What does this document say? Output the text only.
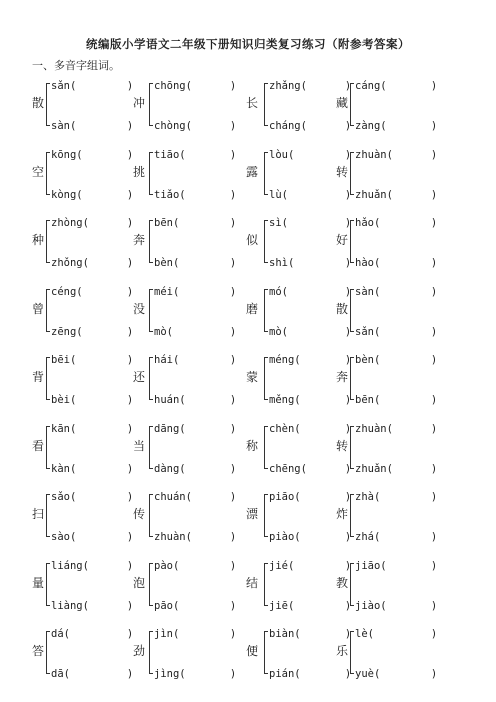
统编版小学语文二年级下册知识归类复习练习（附参考答案）
一、多音字组词。
散
sǎn(        )
sàn(        )
冲
chōng(      )
chòng(      )
长
zhǎng(      )
cháng(      )
藏
cáng(       )
zàng(       )
空
kōng(       )
kòng(       )
挑
tiāo(       )
tiǎo(       )
露
lòu(        )
lù(         )
转
zhuàn(      )
zhuǎn(      )
种
zhòng(      )
zhǒng(      )
奔
bēn(        )
bèn(        )
似
sì(         )
shì(        )
好
hǎo(        )
hào(        )
曾
céng(       )
zēng(       )
没
méi(        )
mò(         )
磨
mó(         )
mò(         )
散
sàn(        )
sǎn(        )
背
bēi(        )
bèi(        )
还
hái(        )
huán(       )
蒙
méng(       )
měng(       )
奔
bèn(        )
bēn(        )
看
kān(        )
kàn(        )
当
dāng(       )
dàng(       )
称
chèn(       )
chēng(      )
转
zhuàn(      )
zhuǎn(      )
扫
sǎo(        )
sào(        )
传
chuán(      )
zhuàn(      )
漂
piāo(       )
piào(       )
炸
zhà(        )
zhá(        )
量
liáng(      )
liàng(      )
泡
pào(        )
pāo(        )
结
jié(        )
jiē(        )
教
jiāo(       )
jiào(       )
答
dá(         )
dā(         )
劲
jìn(        )
jìng(       )
便
biàn(       )
pián(       )
乐
lè(         )
yuè(        )
